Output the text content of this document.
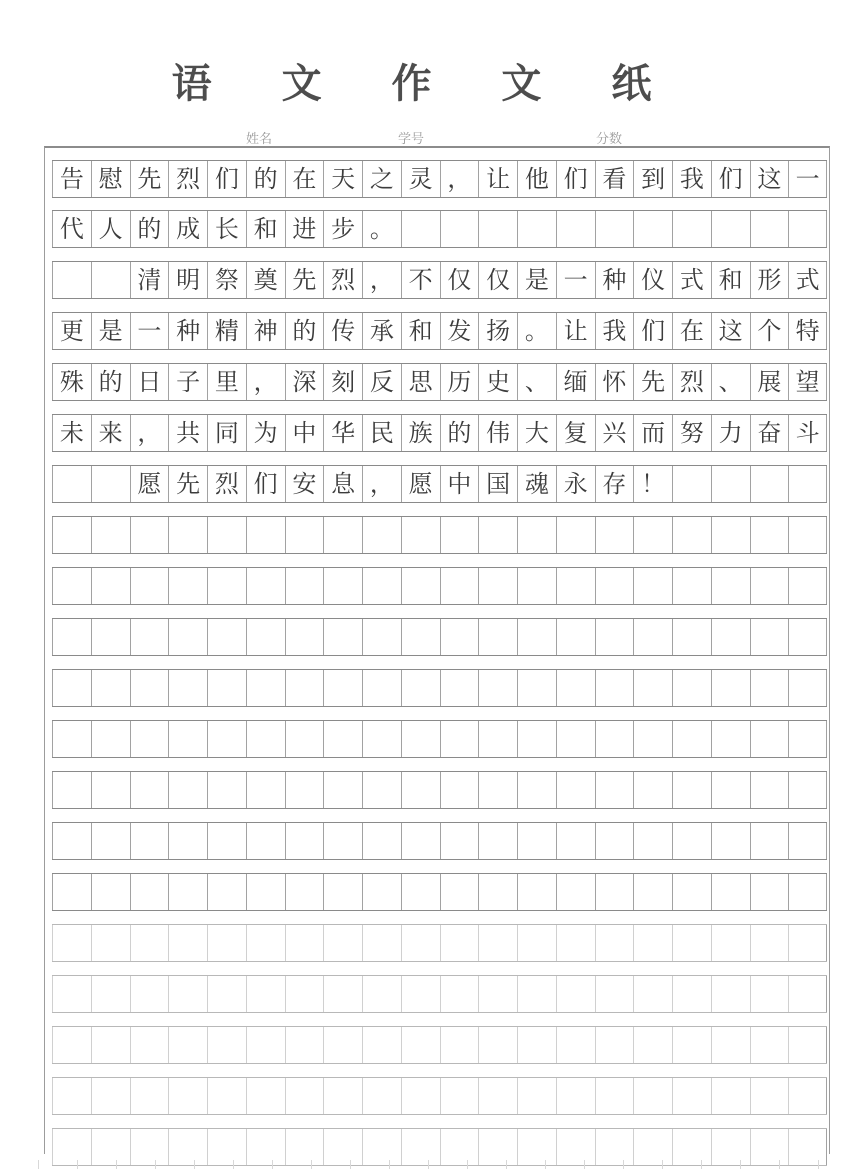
语 文 作 文 纸
姓名	学号	分数
告 慰 先 烈 们 的 在 天 之 灵 ， 让 他 们 看 到 我 们 这 一
代 人 的 成 长 和 进 步 。
清 明 祭 奠 先 烈 ， 不 仅 仅 是 一 种 仪 式 和 形 式
更 是 一 种 精 神 的 传 承 和 发 扬 。 让 我 们 在 这 个 特
殊 的 日 子 里 ， 深 刻 反 思 历 史 、 缅 怀 先 烈 、 展 望
未 来 ， 共 同 为 中 华 民 族 的 伟 大 复 兴 而 努 力 奋 斗
愿 先 烈 们 安 息 ， 愿 中 国 魂 永 存 ！
